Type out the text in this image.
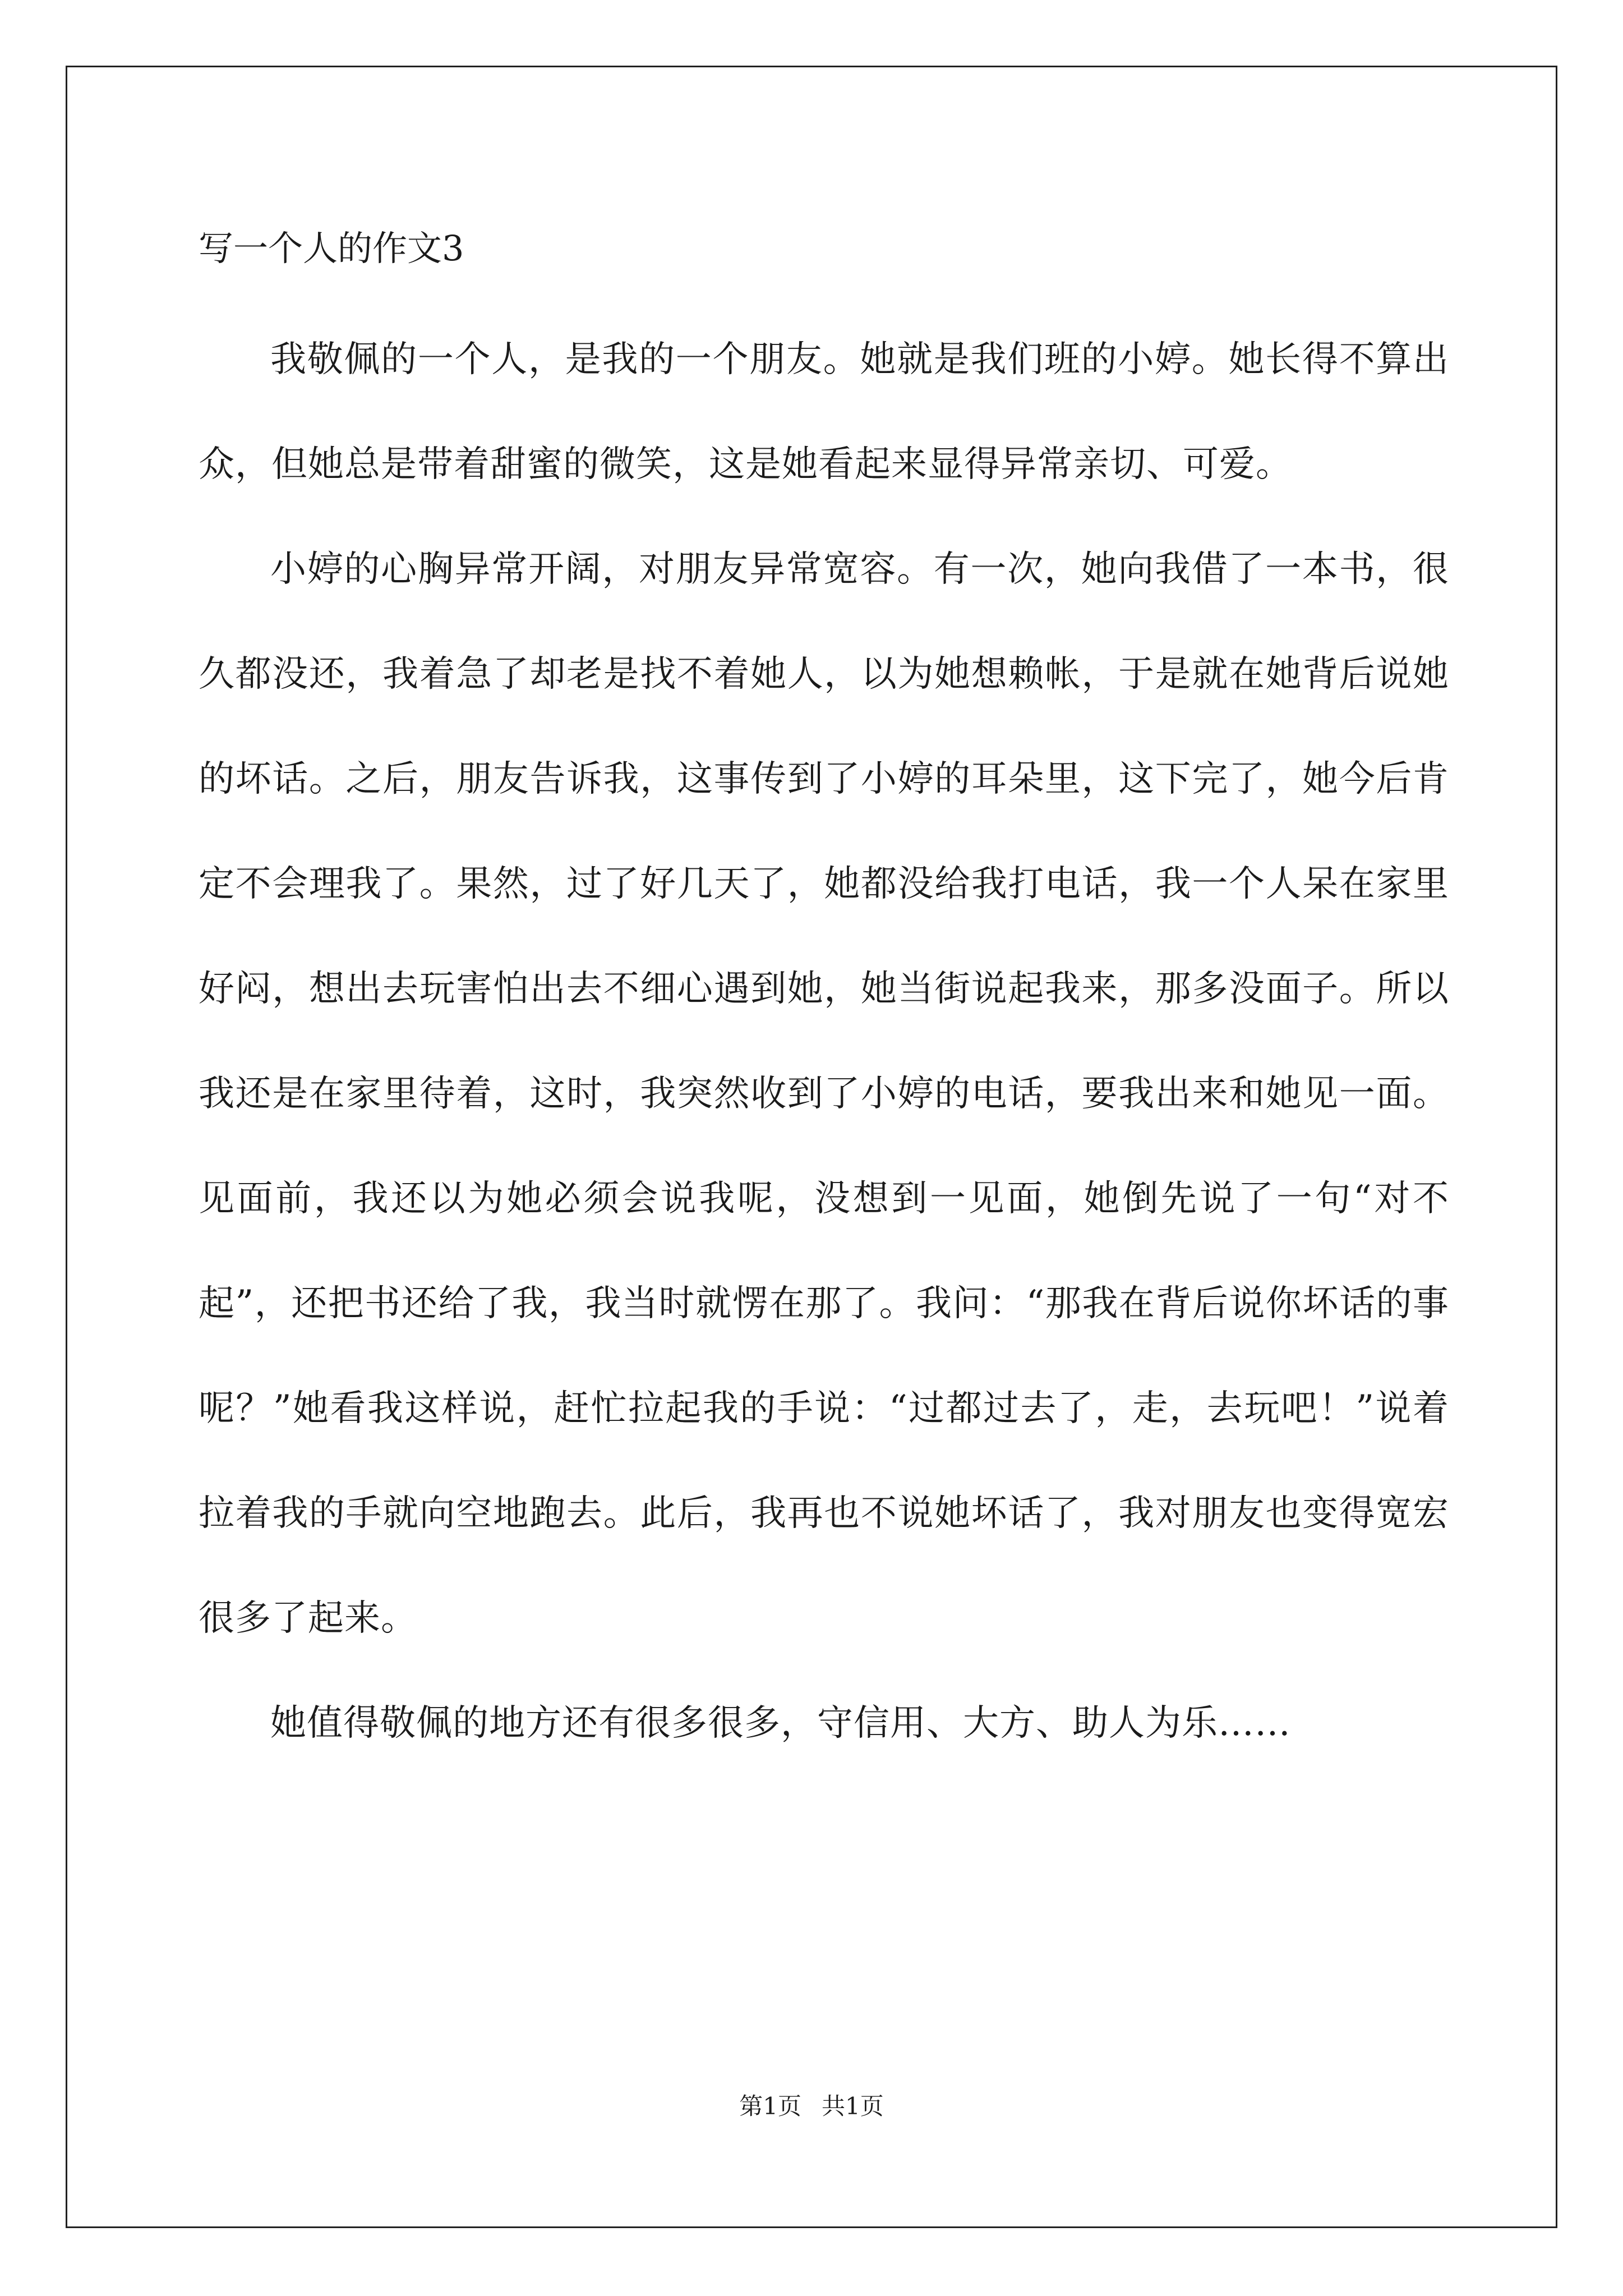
写一个人的作文3

我敬佩的一个人，是我的一个朋友。她就是我们班的小婷。她长得不算出众，但她总是带着甜蜜的微笑，这是她看起来显得异常亲切、可爱。

小婷的心胸异常开阔，对朋友异常宽容。有一次，她向我借了一本书，很久都没还，我着急了却老是找不着她人，以为她想赖帐，于是就在她背后说她的坏话。之后，朋友告诉我，这事传到了小婷的耳朵里，这下完了，她今后肯定不会理我了。果然，过了好几天了，她都没给我打电话，我一个人呆在家里好闷，想出去玩害怕出去不细心遇到她，她当街说起我来，那多没面子。所以我还是在家里待着，这时，我突然收到了小婷的电话，要我出来和她见一面。见面前，我还以为她必须会说我呢，没想到一见面，她倒先说了一句“对不起”，还把书还给了我，我当时就愣在那了。我问：“那我在背后说你坏话的事呢？”她看我这样说，赶忙拉起我的手说：“过都过去了，走，去玩吧！”说着拉着我的手就向空地跑去。此后，我再也不说她坏话了，我对朋友也变得宽宏很多了起来。

她值得敬佩的地方还有很多很多，守信用、大方、助人为乐……

第1页 共1页
